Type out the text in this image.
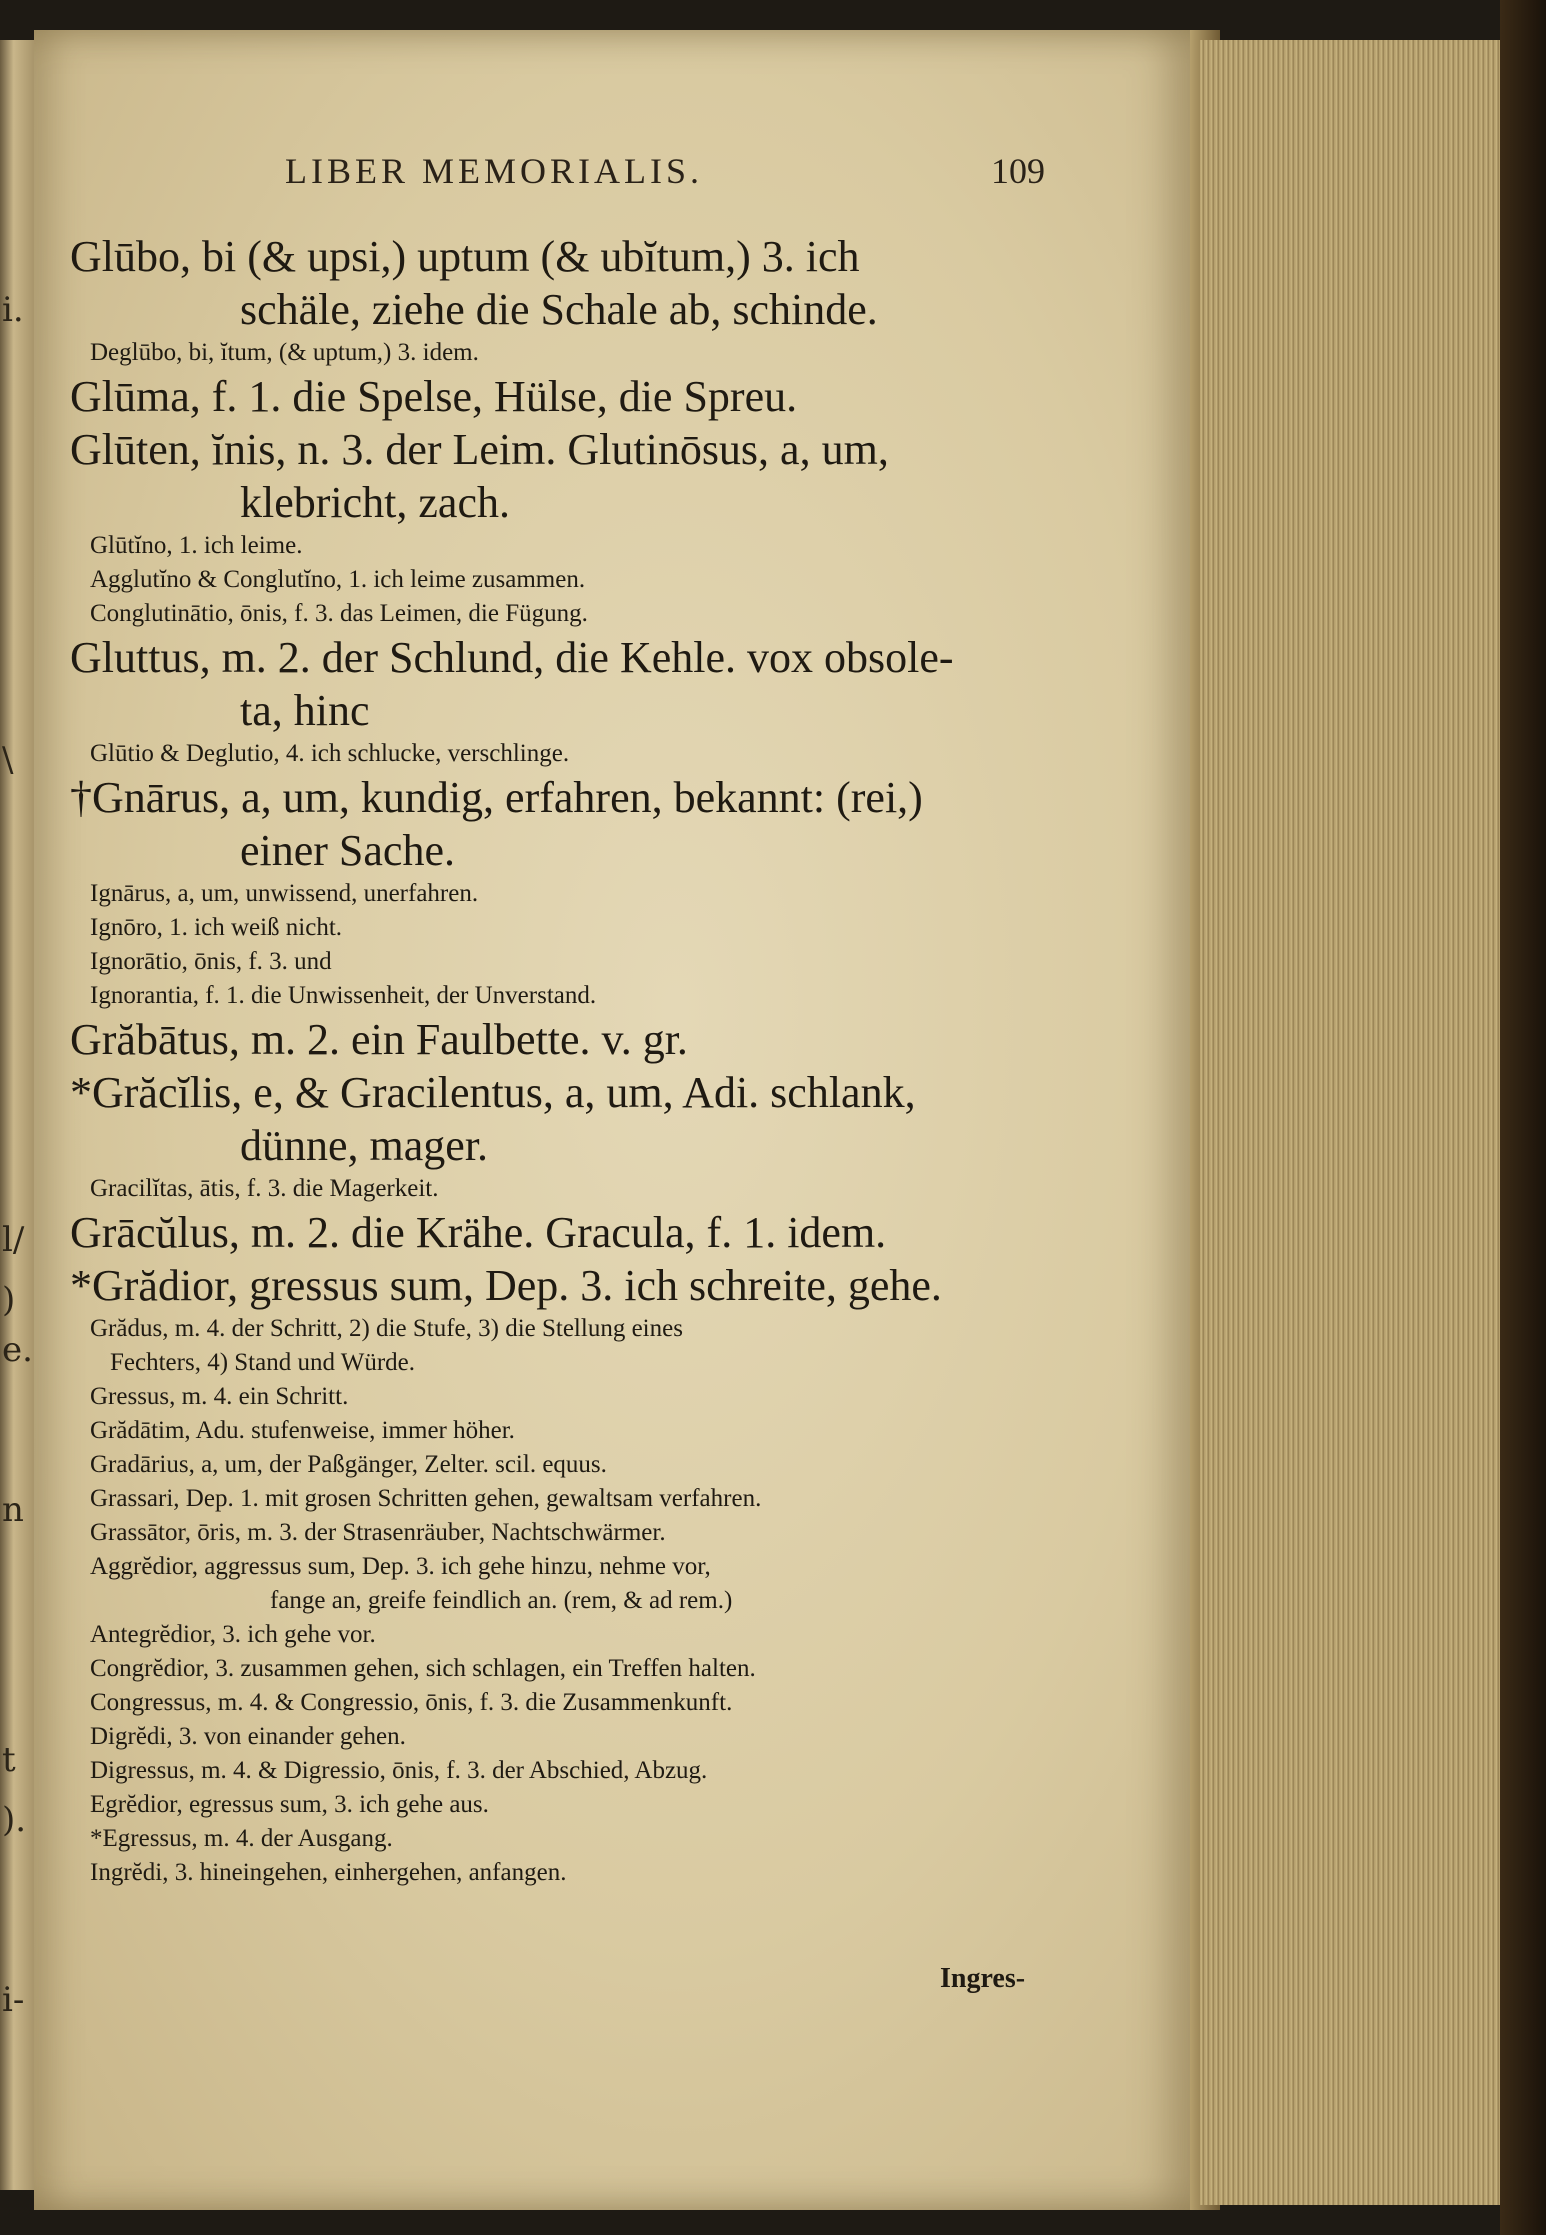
i.
\
l/
)
e.
n
t
).
i-
LIBER MEMORIALIS.	109
Glūbo, bi (& upsi,) uptum (& ubĭtum,) 3. ich
schäle, ziehe die Schale ab, schinde.
Deglūbo, bi, ĭtum, (& uptum,) 3. idem.
Glūma, f. 1. die Spelse, Hülse, die Spreu.
Glūten, ĭnis, n. 3. der Leim. Glutinōsus, a, um,
klebricht, zach.
Glūtĭno, 1. ich leime.
Agglutĭno & Conglutĭno, 1. ich leime zusammen.
Conglutinātio, ōnis, f. 3. das Leimen, die Fügung.
Gluttus, m. 2. der Schlund, die Kehle. vox obsole-
ta, hinc
Glūtio & Deglutio, 4. ich schlucke, verschlinge.
†Gnārus, a, um, kundig, erfahren, bekannt: (rei,)
einer Sache.
Ignārus, a, um, unwissend, unerfahren.
Ignōro, 1. ich weiß nicht.
Ignorātio, ōnis, f. 3. und
Ignorantia, f. 1. die Unwissenheit, der Unverstand.
Grăbātus, m. 2. ein Faulbette. v. gr.
*Grăcĭlis, e, & Gracilentus, a, um, Adi. schlank,
dünne, mager.
Gracilĭtas, ātis, f. 3. die Magerkeit.
Grācŭlus, m. 2. die Krähe. Gracula, f. 1. idem.
*Grădior, gressus sum, Dep. 3. ich schreite, gehe.
Grădus, m. 4. der Schritt, 2) die Stufe, 3) die Stellung eines
Fechters, 4) Stand und Würde.
Gressus, m. 4. ein Schritt.
Grădātim, Adu. stufenweise, immer höher.
Gradārius, a, um, der Paßgänger, Zelter. scil. equus.
Grassari, Dep. 1. mit grosen Schritten gehen, gewaltsam verfahren.
Grassātor, ōris, m. 3. der Strasenräuber, Nachtschwärmer.
Aggrĕdior, aggressus sum, Dep. 3. ich gehe hinzu, nehme vor,
fange an, greife feindlich an. (rem, & ad rem.)
Antegrĕdior, 3. ich gehe vor.
Congrĕdior, 3. zusammen gehen, sich schlagen, ein Treffen halten.
Congressus, m. 4. & Congressio, ōnis, f. 3. die Zusammenkunft.
Digrĕdi, 3. von einander gehen.
Digressus, m. 4. & Digressio, ōnis, f. 3. der Abschied, Abzug.
Egrĕdior, egressus sum, 3. ich gehe aus.
*Egressus, m. 4. der Ausgang.
Ingrĕdi, 3. hineingehen, einhergehen, anfangen.
Ingres-
